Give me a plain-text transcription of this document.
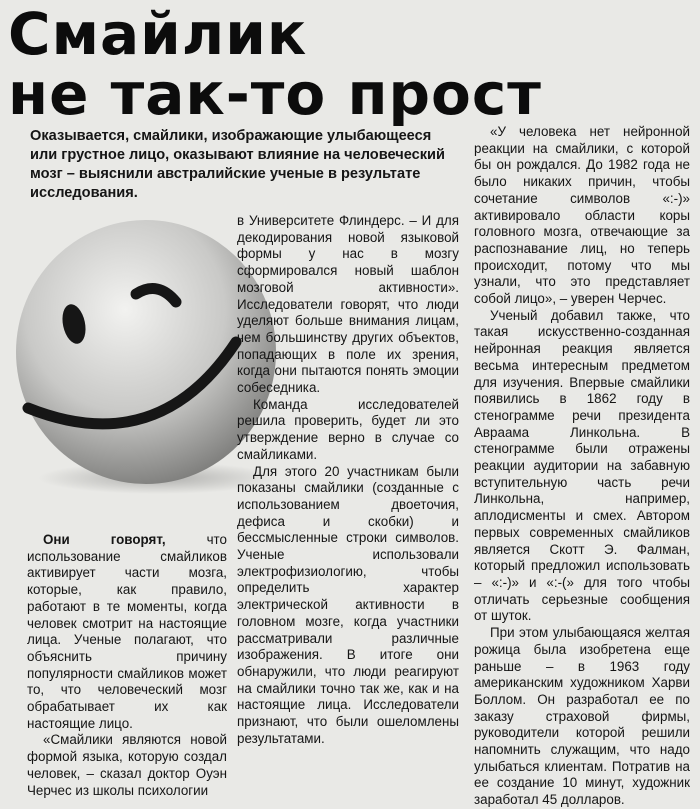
Смайлик
не так-то прост

Оказывается, смайлики, изображающие улыбающееся или грустное лицо, оказывают влияние на человеческий мозг – выяснили австралийские ученые в результате исследования.

Они говорят, что использование смайликов активирует части мозга, которые, как правило, работают в те моменты, когда человек смотрит на настоящие лица. Ученые полагают, что объяснить причину популярности смайликов может то, что человеческий мозг обрабатывает их как настоящие лицо.

«Смайлики являются новой формой языка, которую создал человек, – сказал доктор Оуэн Черчес из школы психологии

в Университете Флиндерс. – И для декодирования новой языковой формы у нас в мозгу сформировался новый шаблон мозговой активности». Исследователи говорят, что люди уделяют больше внимания лицам, чем большинству других объектов, попадающих в поле их зрения, когда они пытаются понять эмоции собеседника.

Команда исследователей решила проверить, будет ли это утверждение верно в случае со смайликами.

Для этого 20 участникам были показаны смайлики (созданные с использованием двоеточия, дефиса и скобки) и бессмысленные строки символов. Ученые использовали электрофизиологию, чтобы определить характер электрической активности в головном мозге, когда участники рассматривали различные изображения. В итоге они обнаружили, что люди реагируют на смайлики точно так же, как и на настоящие лица. Исследователи признают, что были ошеломлены результатами.

«У человека нет нейронной реакции на смайлики, с которой бы он рождался. До 1982 года не было никаких причин, чтобы сочетание символов «:-)» активировало области коры головного мозга, отвечающие за распознавание лиц, но теперь происходит, потому что мы узнали, что это представляет собой лицо», – уверен Черчес.

Ученый добавил также, что такая искусственно-созданная нейронная реакция является весьма интересным предметом для изучения. Впервые смайлики появились в 1862 году в стенограмме речи президента Авраама Линкольна. В стенограмме были отражены реакции аудитории на забавную вступительную часть речи Линкольна, например, аплодисменты и смех. Автором первых современных смайликов является Скотт Э. Фалман, который предложил использовать – «:-)» и «:-(» для того чтобы отличать серьезные сообщения от шуток.

При этом улыбающаяся желтая рожица была изобретена еще раньше – в 1963 году американским художником Харви Боллом. Он разработал ее по заказу страховой фирмы, руководители которой решили напомнить служащим, что надо улыбаться клиентам. Потратив на ее создание 10 минут, художник заработал 45 долларов.
